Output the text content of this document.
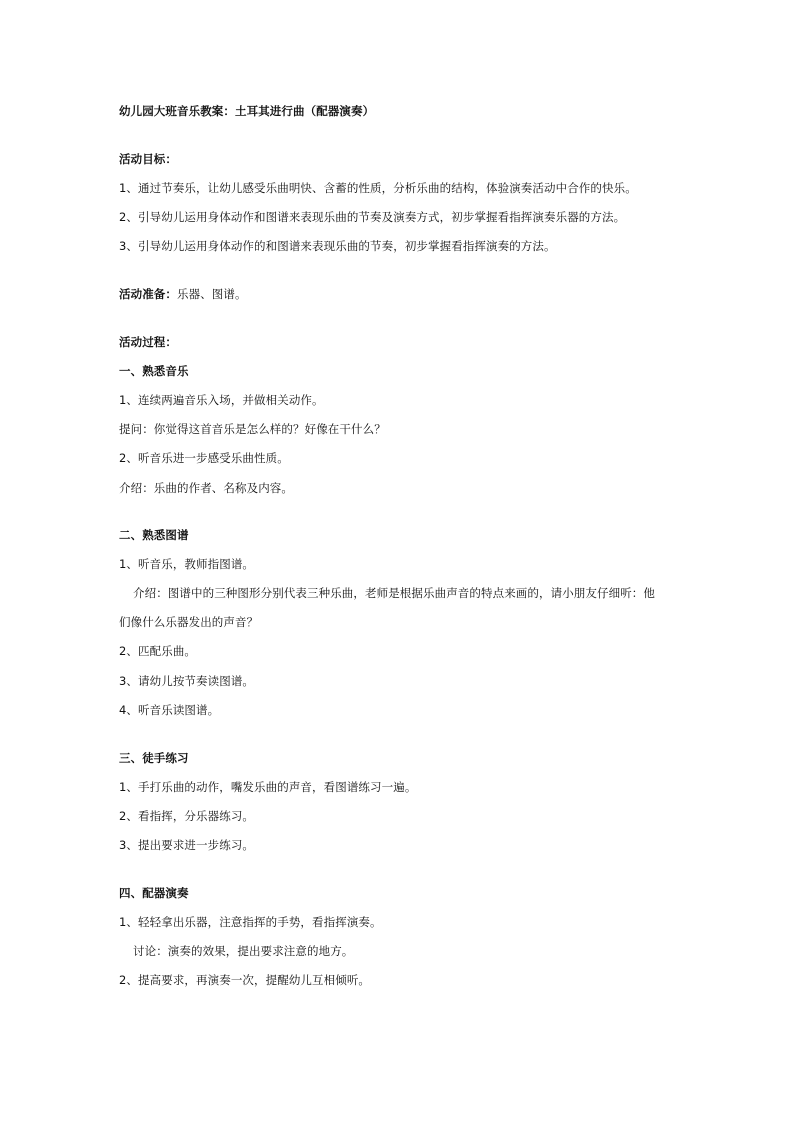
幼儿园大班音乐教案：土耳其进行曲（配器演奏）
活动目标：
1、通过节奏乐，让幼儿感受乐曲明快、含蓄的性质，分析乐曲的结构，体验演奏活动中合作的快乐。
2、引导幼儿运用身体动作和图谱来表现乐曲的节奏及演奏方式，初步掌握看指挥演奏乐器的方法。
3、引导幼儿运用身体动作的和图谱来表现乐曲的节奏，初步掌握看指挥演奏的方法。
活动准备：乐器、图谱。
活动过程：
一、熟悉音乐
1、连续两遍音乐入场，并做相关动作。
提问：你觉得这首音乐是怎么样的？好像在干什么？
2、听音乐进一步感受乐曲性质。
介绍：乐曲的作者、名称及内容。
二、熟悉图谱
1、听音乐，教师指图谱。
介绍：图谱中的三种图形分别代表三种乐曲，老师是根据乐曲声音的特点来画的，请小朋友仔细听：他
们像什么乐器发出的声音？
2、匹配乐曲。
3、请幼儿按节奏读图谱。
4、听音乐读图谱。
三、徒手练习
1、手打乐曲的动作，嘴发乐曲的声音，看图谱练习一遍。
2、看指挥，分乐器练习。
3、提出要求进一步练习。
四、配器演奏
1、轻轻拿出乐器，注意指挥的手势，看指挥演奏。
讨论：演奏的效果，提出要求注意的地方。
2、提高要求，再演奏一次，提醒幼儿互相倾听。
